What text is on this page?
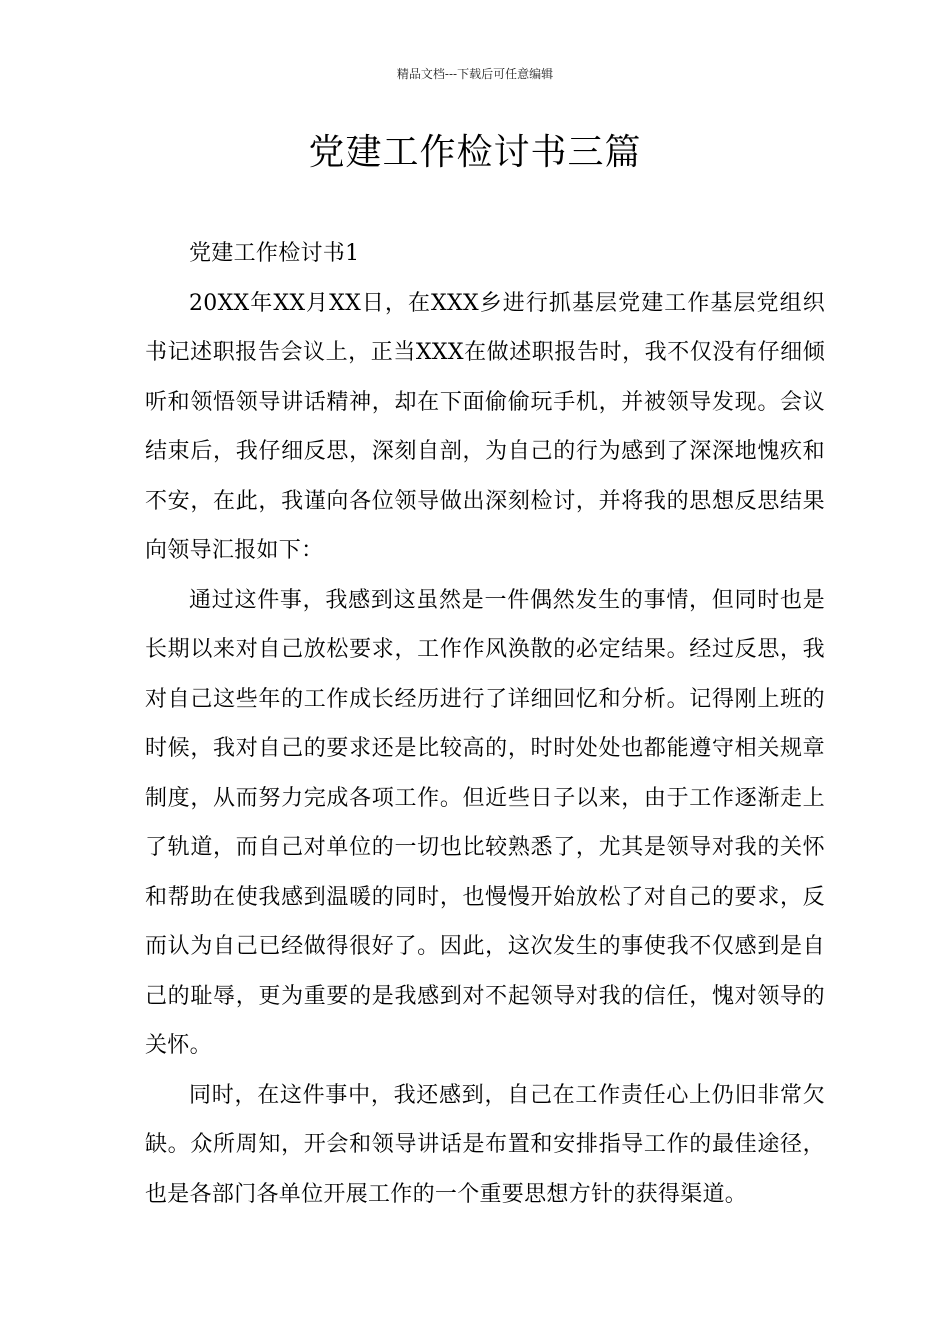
精品文档---下载后可任意编辑
党建工作检讨书三篇

党建工作检讨书1

20XX年XX月XX日，在XXX乡进行抓基层党建工作基层党组织书记述职报告会议上，正当XXX在做述职报告时，我不仅没有仔细倾听和领悟领导讲话精神，却在下面偷偷玩手机，并被领导发现。会议结束后，我仔细反思，深刻自剖，为自己的行为感到了深深地愧疚和不安，在此，我谨向各位领导做出深刻检讨，并将我的思想反思结果向领导汇报如下：

通过这件事，我感到这虽然是一件偶然发生的事情，但同时也是长期以来对自己放松要求，工作作风涣散的必定结果。经过反思，我对自己这些年的工作成长经历进行了详细回忆和分析。记得刚上班的时候，我对自己的要求还是比较高的，时时处处也都能遵守相关规章制度，从而努力完成各项工作。但近些日子以来，由于工作逐渐走上了轨道，而自己对单位的一切也比较熟悉了，尤其是领导对我的关怀和帮助在使我感到温暖的同时，也慢慢开始放松了对自己的要求，反而认为自己已经做得很好了。因此，这次发生的事使我不仅感到是自己的耻辱，更为重要的是我感到对不起领导对我的信任，愧对领导的关怀。

同时，在这件事中，我还感到，自己在工作责任心上仍旧非常欠缺。众所周知，开会和领导讲话是布置和安排指导工作的最佳途径，也是各部门各单位开展工作的一个重要思想方针的获得渠道。
